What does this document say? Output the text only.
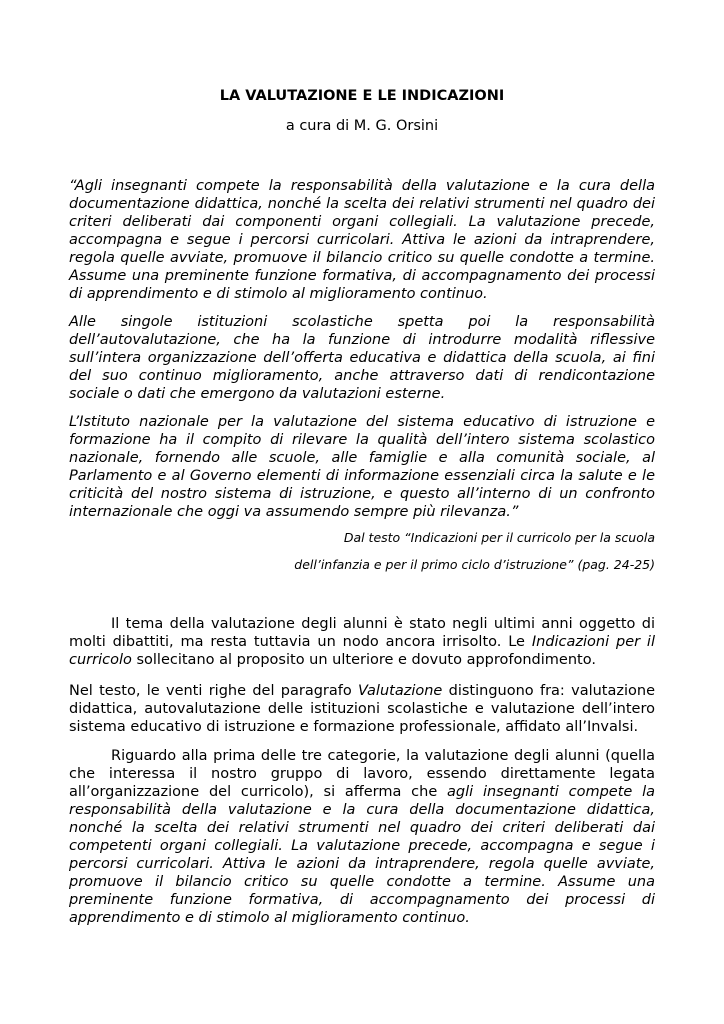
LA VALUTAZIONE E LE INDICAZIONI

a cura di M. G. Orsini

“Agli insegnanti compete la responsabilità della valutazione e la cura della documentazione didattica, nonché la scelta dei relativi strumenti nel quadro dei criteri deliberati dai componenti organi collegiali. La valutazione precede, accompagna e segue i percorsi curricolari. Attiva le azioni da intraprendere, regola quelle avviate, promuove il bilancio critico su quelle condotte a termine. Assume una preminente funzione formativa, di accompagnamento dei processi di apprendimento e di stimolo al miglioramento continuo.

Alle singole istituzioni scolastiche spetta poi la responsabilità dell’autovalutazione, che ha la funzione di introdurre modalità riflessive sull’intera organizzazione dell’offerta educativa e didattica della scuola, ai fini del suo continuo miglioramento, anche attraverso dati di rendicontazione sociale o dati che emergono da valutazioni esterne.

L’Istituto nazionale per la valutazione del sistema educativo di istruzione e formazione ha il compito di rilevare la qualità dell’intero sistema scolastico nazionale, fornendo alle scuole, alle famiglie e alla comunità sociale, al Parlamento e al Governo elementi di informazione essenziali circa la salute e le criticità del nostro sistema di istruzione, e questo all’interno di un confronto internazionale che oggi va assumendo sempre più rilevanza.”

Dal testo “Indicazioni per il curricolo per la scuola

dell’infanzia e per il primo ciclo d’istruzione” (pag. 24-25)

Il tema della valutazione degli alunni è stato negli ultimi anni oggetto di molti dibattiti, ma resta tuttavia un nodo ancora irrisolto. Le Indicazioni per il curricolo sollecitano al proposito un ulteriore e dovuto approfondimento.

Nel testo, le venti righe del paragrafo Valutazione distinguono fra: valutazione didattica, autovalutazione delle istituzioni scolastiche e valutazione dell’intero sistema educativo di istruzione e formazione professionale, affidato all’Invalsi.

Riguardo alla prima delle tre categorie, la valutazione degli alunni (quella che interessa il nostro gruppo di lavoro, essendo direttamente legata all’organizzazione del curricolo), si afferma che agli insegnanti compete la responsabilità della valutazione e la cura della documentazione didattica, nonché la scelta dei relativi strumenti nel quadro dei criteri deliberati dai competenti organi collegiali. La valutazione precede, accompagna e segue i percorsi curricolari. Attiva le azioni da intraprendere, regola quelle avviate, promuove il bilancio critico su quelle condotte a termine. Assume una preminente funzione formativa, di accompagnamento dei processi di apprendimento e di stimolo al miglioramento continuo.
